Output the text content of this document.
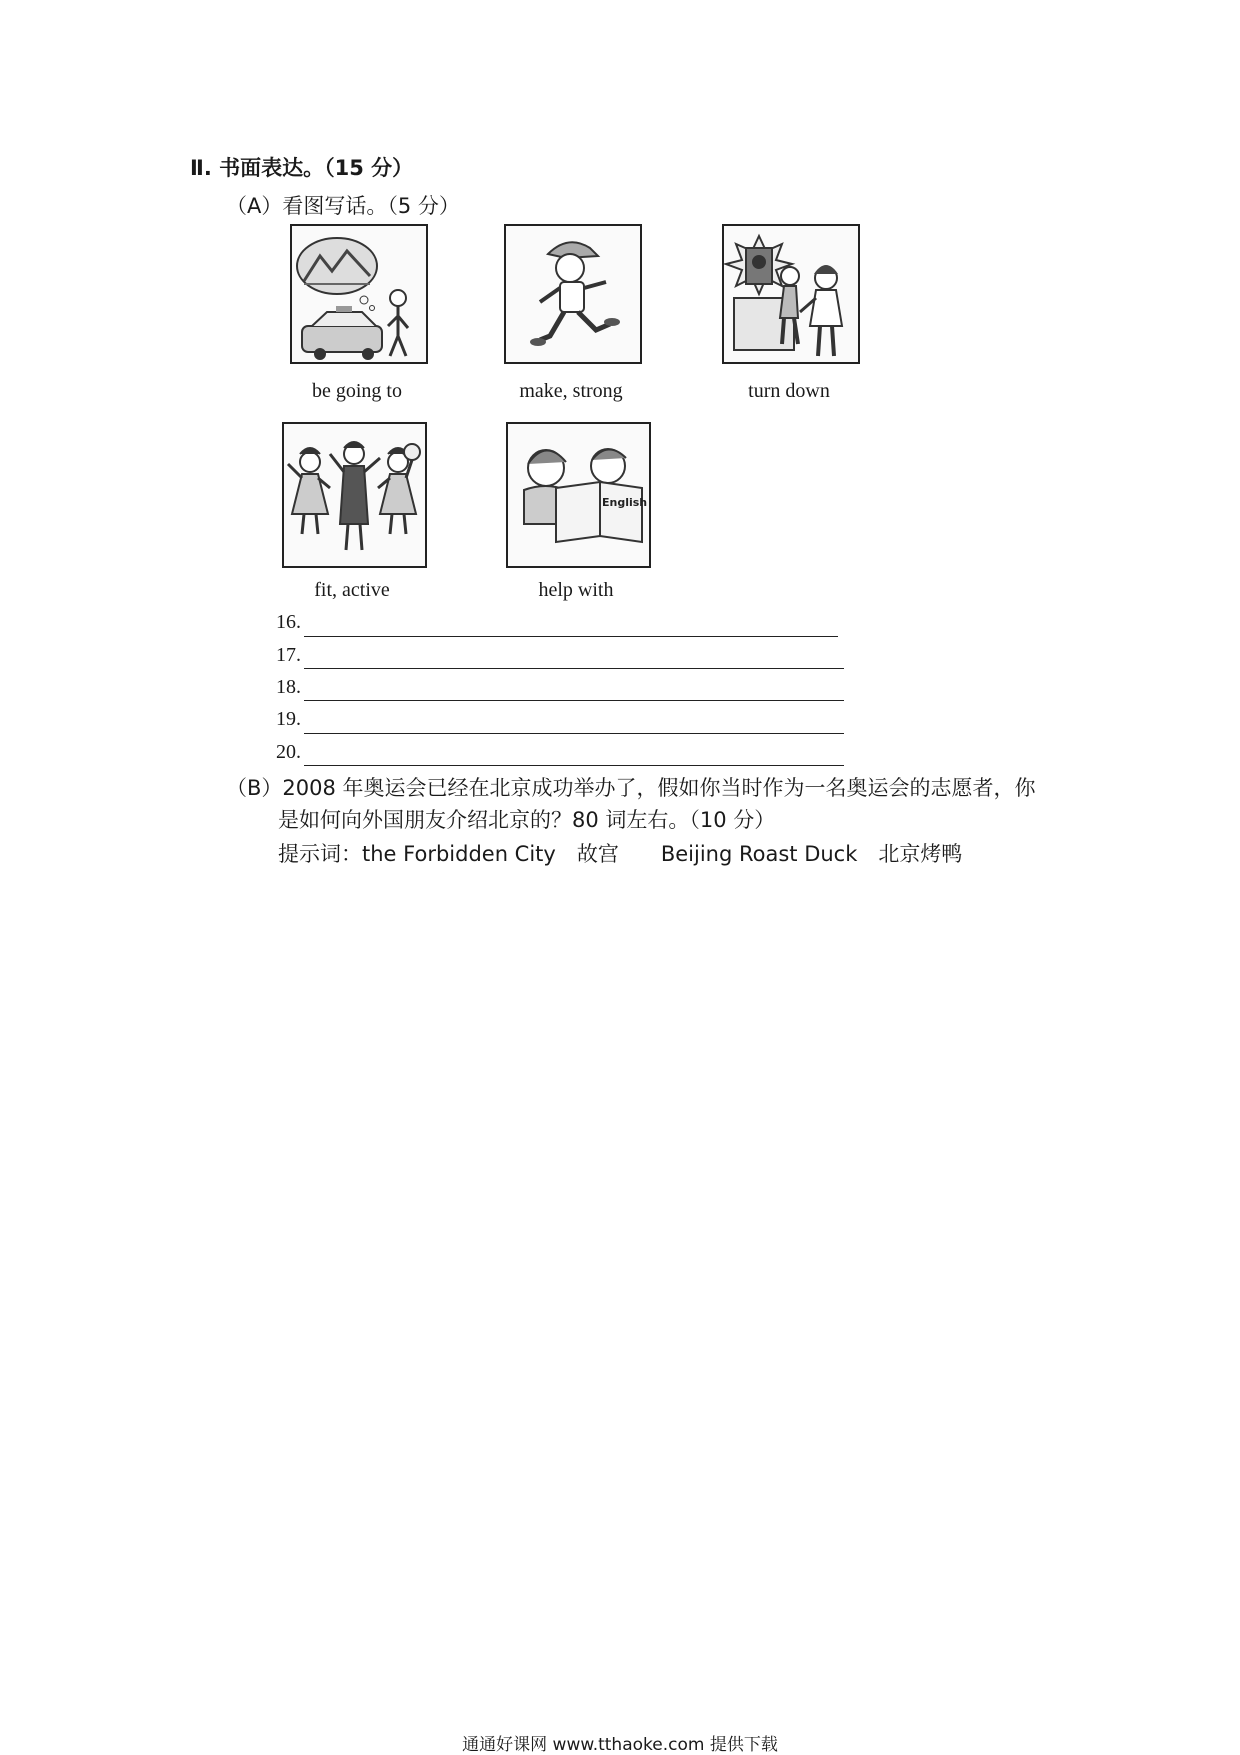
Ⅱ. 书面表达。（15 分）
（A）看图写话。（5 分）
be going to	make, strong	turn down
fit, active
English
help with
16.
17.
18.
19.
20.
（B）2008 年奥运会已经在北京成功举办了，假如你当时作为一名奥运会的志愿者，你
是如何向外国朋友介绍北京的？80 词左右。（10 分）
提示词：the Forbidden City　故宫　　Beijing Roast Duck　北京烤鸭
通通好课网 www.tthaoke.com 提供下载
